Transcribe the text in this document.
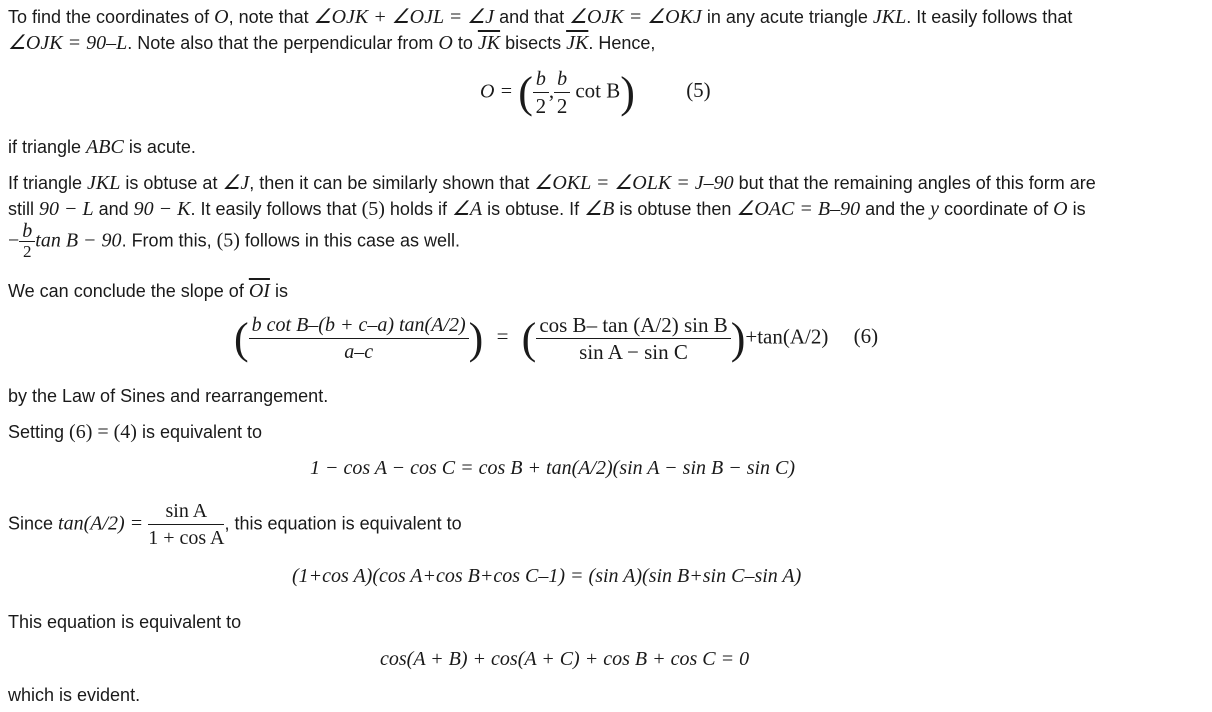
To find the coordinates of O, note that ∠OJK + ∠OJL = ∠J and that ∠OJK = ∠OKJ in any acute triangle JKL. It easily follows that
∠OJK = 90–L. Note also that the perpendicular from O to $\overline{JK}$ bisects $\overline{JK}$. Hence,
O = ( $\frac{b}{2}$ , $\frac{b}{2}$ cot B) (5)
if triangle ABC is acute.
If triangle JKL is obtuse at ∠J, then it can be similarly shown that ∠OKL = ∠OLK = J–90 but that the remaining angles of this form are
still 90 − L and 90 − K. It easily follows that (5) holds if ∠A is obtuse. If ∠B is obtuse then ∠OAC = B–90 and the y coordinate of O is
− $\frac{b}{2}$ tan B − 90. From this, (5) follows in this case as well.
We can conclude the slope of $\overline{OI}$ is
( $\frac{\text{b cot B–(b + c–a) tan(A/2)}}{a-c}$ ) = ( $\frac{\text{cos B– tan (A/2) sin B}}{\text{sin A − sin C}} )+\tan(A/2)$ (6)
by the Law of Sines and rearrangement.
Setting (6) = (4) is equivalent to
1 − cos A − cos C = cos B + tan(A/2)(sin A − sin B − sin C)
Since $\tan(A/2) = \frac{\text{sin A}}{\text{1 + cos A}}$ , this equation is equivalent to
(1+cos A)(cos A+cos B+cos C–1) = (sin A)(sin B+sin C–sin A)
This equation is equivalent to
cos(A + B) + cos(A + C) + cos B + cos C = 0
which is evident.
